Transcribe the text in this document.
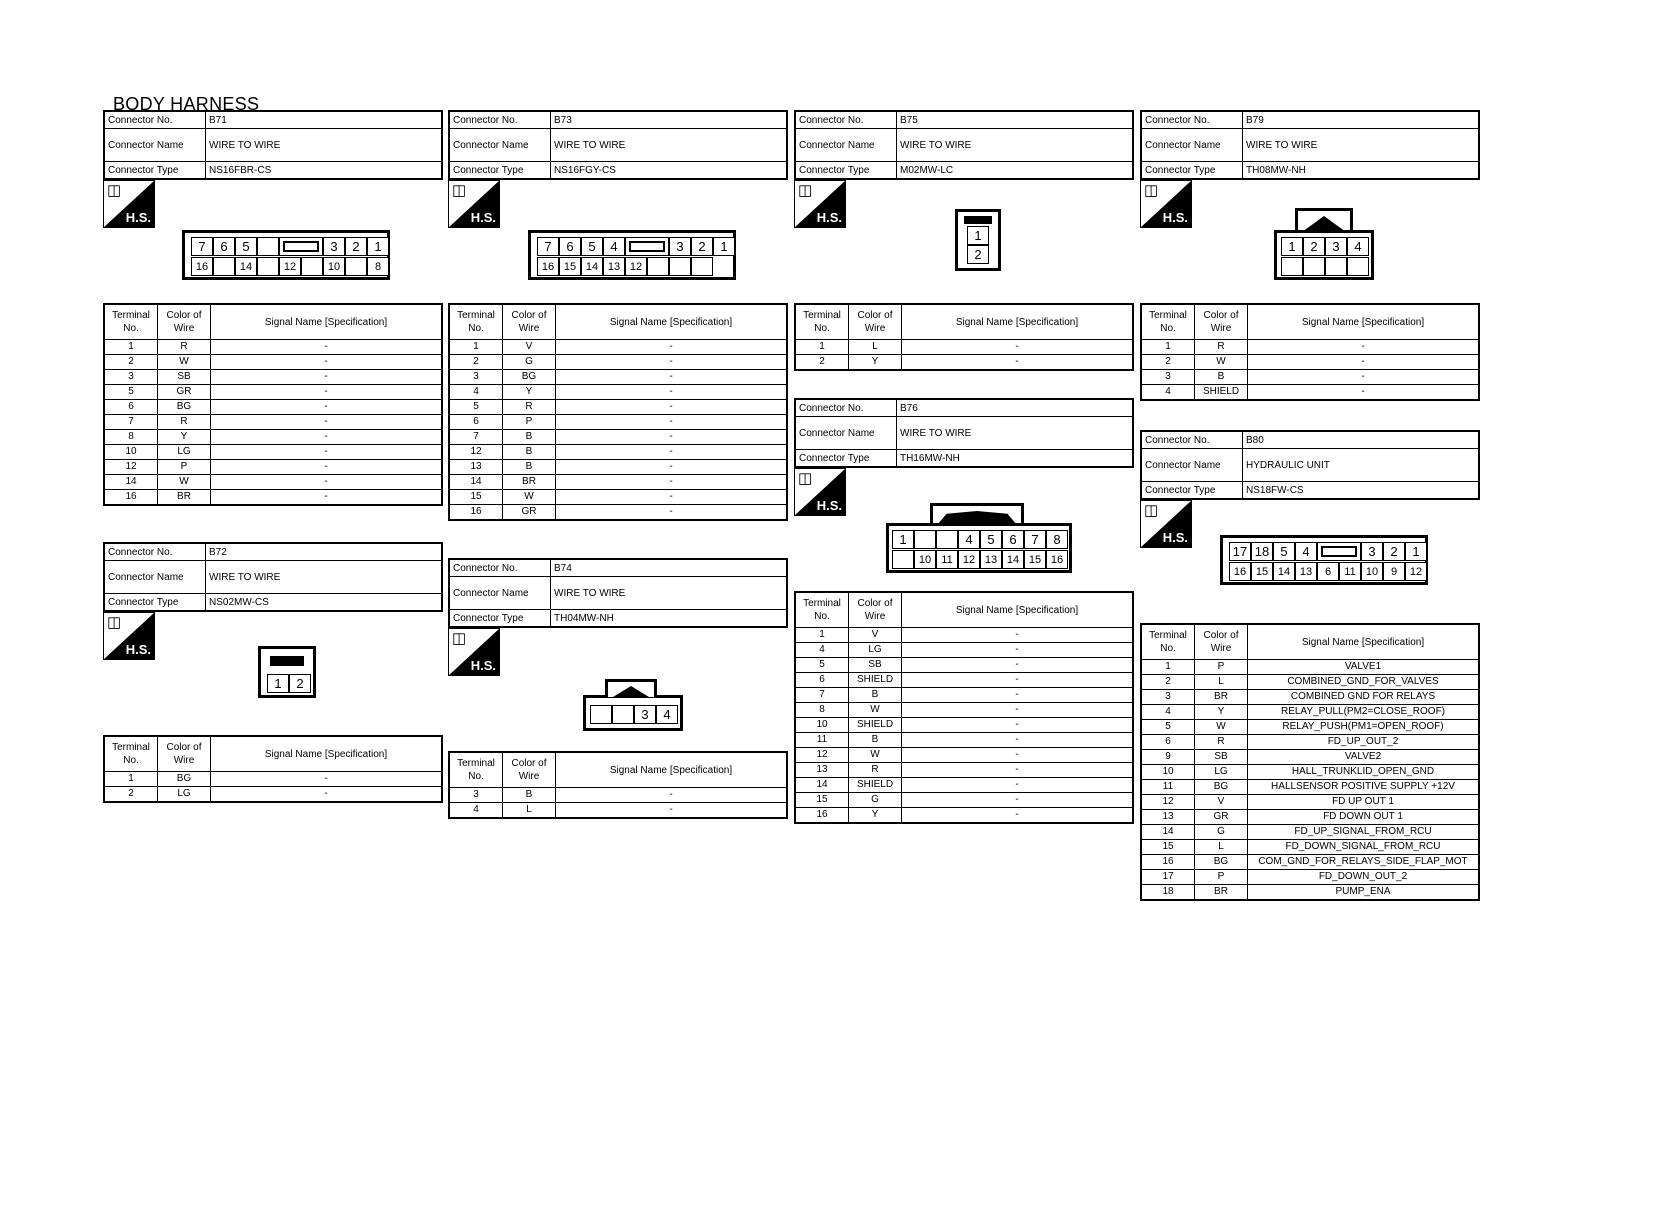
BODY HARNESS
Connector No.	B71
Connector Name	WIRE TO WIRE
Connector Type	NS16FBR-CS
◫
H.S.
7	6	5	3	2	1
16	14	12	10	8
Terminal No.	Color of Wire	Signal Name [Specification]
1	R	-
2	W	-
3	SB	-
5	GR	-
6	BG	-
7	R	-
8	Y	-
10	LG	-
12	P	-
14	W	-
16	BR	-
Connector No.	B72
Connector Name	WIRE TO WIRE
Connector Type	NS02MW-CS
◫
H.S.
1	2
Terminal No.	Color of Wire	Signal Name [Specification]
1	BG	-
2	LG	-
Connector No.	B73
Connector Name	WIRE TO WIRE
Connector Type	NS16FGY-CS
◫
H.S.
7	6	5	4	3	2	1
16 15 14 13 12
Terminal No.	Color of Wire	Signal Name [Specification]
1	V	-
2	G	-
3	BG	-
4	Y	-
5	R	-
6	P	-
7	B	-
12	B	-
13	B	-
14	BR	-
15	W	-
16	GR	-
Connector No.	B74
Connector Name	WIRE TO WIRE
Connector Type	TH04MW-NH
◫
H.S.
3	4
Terminal No.	Color of Wire	Signal Name [Specification]
3	B	-
4	L	-
Connector No.	B75
Connector Name	WIRE TO WIRE
Connector Type	M02MW-LC
◫
H.S.
1
2
Terminal No.	Color of Wire	Signal Name [Specification]
1	L	-
2	Y	-
Connector No.	B76
Connector Name	WIRE TO WIRE
Connector Type	TH16MW-NH
◫
H.S.
1	4	5	6	7	8
10 11 12 13 14 15 16
Terminal No.	Color of Wire	Signal Name [Specification]
1	V	-
4	LG	-
5	SB	-
6	SHIELD	-
7	B	-
8	W	-
10	SHIELD	-
11	B	-
12	W	-
13	R	-
14	SHIELD	-
15	G	-
16	Y	-
Connector No.	B79
Connector Name	WIRE TO WIRE
Connector Type	TH08MW-NH
◫
H.S.
1	2	3	4
Terminal No.	Color of Wire	Signal Name [Specification]
1	R	-
2	W	-
3	B	-
4	SHIELD	-
Connector No.	B80
Connector Name	HYDRAULIC UNIT
Connector Type	NS18FW-CS
◫
H.S.
17 18 5	4	3	2	1
16 15 14 13	6	11 10	9	12
Terminal No.	Color of Wire	Signal Name [Specification]
1	P	VALVE1
2	L	COMBINED_GND_FOR_VALVES
3	BR	COMBINED GND FOR RELAYS
4	Y	RELAY_PULL(PM2=CLOSE_ROOF)
5	W	RELAY_PUSH(PM1=OPEN_ROOF)
6	R	FD_UP_OUT_2
9	SB	VALVE2
10	LG	HALL_TRUNKLID_OPEN_GND
11	BG	HALLSENSOR POSITIVE SUPPLY +12V
12	V	FD UP OUT 1
13	GR	FD DOWN OUT 1
14	G	FD_UP_SIGNAL_FROM_RCU
15	L	FD_DOWN_SIGNAL_FROM_RCU
16	BG	COM_GND_FOR_RELAYS_SIDE_FLAP_MOT
17	P	FD_DOWN_OUT_2
18	BR	PUMP_ENA
